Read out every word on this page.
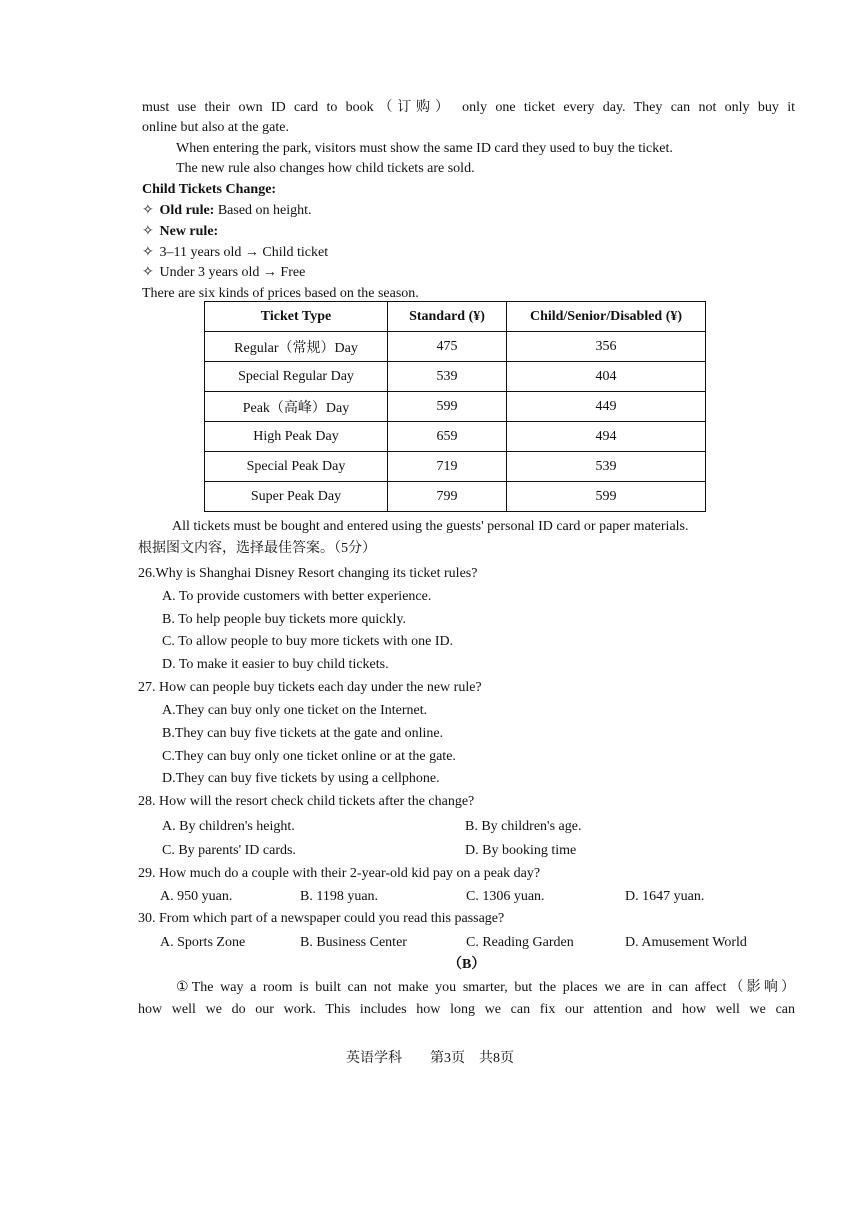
must use their own ID card to book（订购） only one ticket every day. They can not only buy it
online but also at the gate.
When entering the park, visitors must show the same ID card they used to buy the ticket.
The new rule also changes how child tickets are sold.
Child Tickets Change:
✧ Old rule: Based on height.
✧ New rule:
✧ 3–11 years old → Child ticket
✧ Under 3 years old → Free
There are six kinds of prices based on the season.
Ticket Type	Standard (¥)	Child/Senior/Disabled (¥)
Regular（常规）Day	475	356
Special Regular Day	539	404
Peak（高峰）Day	599	449
High Peak Day	659	494
Special Peak Day	719	539
Super Peak Day	799	599
All tickets must be bought and entered using the guests' personal ID card or paper materials.
根据图文内容，选择最佳答案。（5分）
26.Why is Shanghai Disney Resort changing its ticket rules?
A. To provide customers with better experience.
B. To help people buy tickets more quickly.
C. To allow people to buy more tickets with one ID.
D. To make it easier to buy child tickets.
27. How can people buy tickets each day under the new rule?
A.They can buy only one ticket on the Internet.
B.They can buy five tickets at the gate and online.
C.They can buy only one ticket online or at the gate.
D.They can buy five tickets by using a cellphone.
28. How will the resort check child tickets after the change?
A. By children's height.	B. By children's age.
C. By parents' ID cards.	D. By booking time
29. How much do a couple with their 2-year-old kid pay on a peak day?
A. 950 yuan.	B. 1198 yuan.	C. 1306 yuan.	D. 1647 yuan.
30. From which part of a newspaper could you read this passage?
A. Sports Zone	B. Business Center	C. Reading Garden	D. Amusement World
（B）
①The way a room is built can not make you smarter, but the places we are in can affect（影响）
how well we do our work. This includes how long we can fix our attention and how well we can
英语学科　　第3页　共8页
